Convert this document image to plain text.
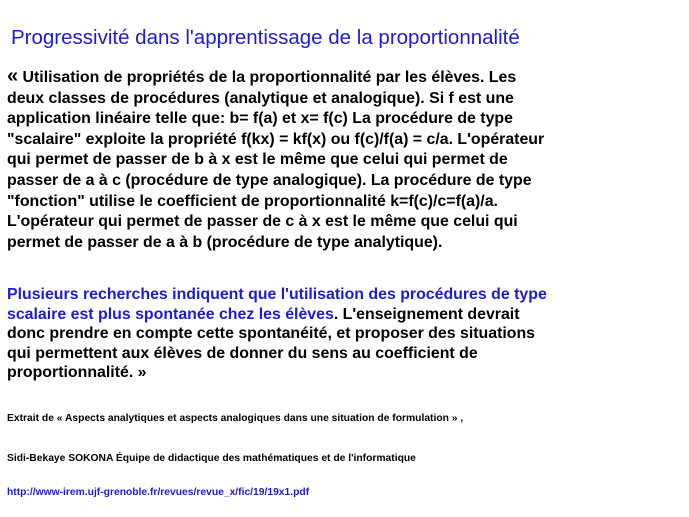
Progressivité dans l'apprentissage de la proportionnalité
« Utilisation de propriétés de la proportionnalité par les élèves. Les
deux classes de procédures (analytique et analogique). Si f est une
application linéaire telle que: b= f(a) et x= f(c) La procédure de type
"scalaire" exploite la propriété f(kx) = kf(x) ou f(c)/f(a) = c/a. L'opérateur
qui permet de passer de b à x est le même que celui qui permet de
passer de a à c (procédure de type analogique). La procédure de type
"fonction" utilise le coefficient de proportionnalité k=f(c)/c=f(a)/a.
L'opérateur qui permet de passer de c à x est le même que celui qui
permet de passer de a à b (procédure de type analytique).
Plusieurs recherches indiquent que l'utilisation des procédures de type
scalaire est plus spontanée chez les élèves. L'enseignement devrait
donc prendre en compte cette spontanéité, et proposer des situations
qui permettent aux élèves de donner du sens au coefficient de
proportionnalité. »
Extrait de « Aspects analytiques et aspects analogiques dans une situation de formulation » ,
Sidi-Bekaye SOKONA Équipe de didactique des mathématiques et de l'informatique
http://www-irem.ujf-grenoble.fr/revues/revue_x/fic/19/19x1.pdf
